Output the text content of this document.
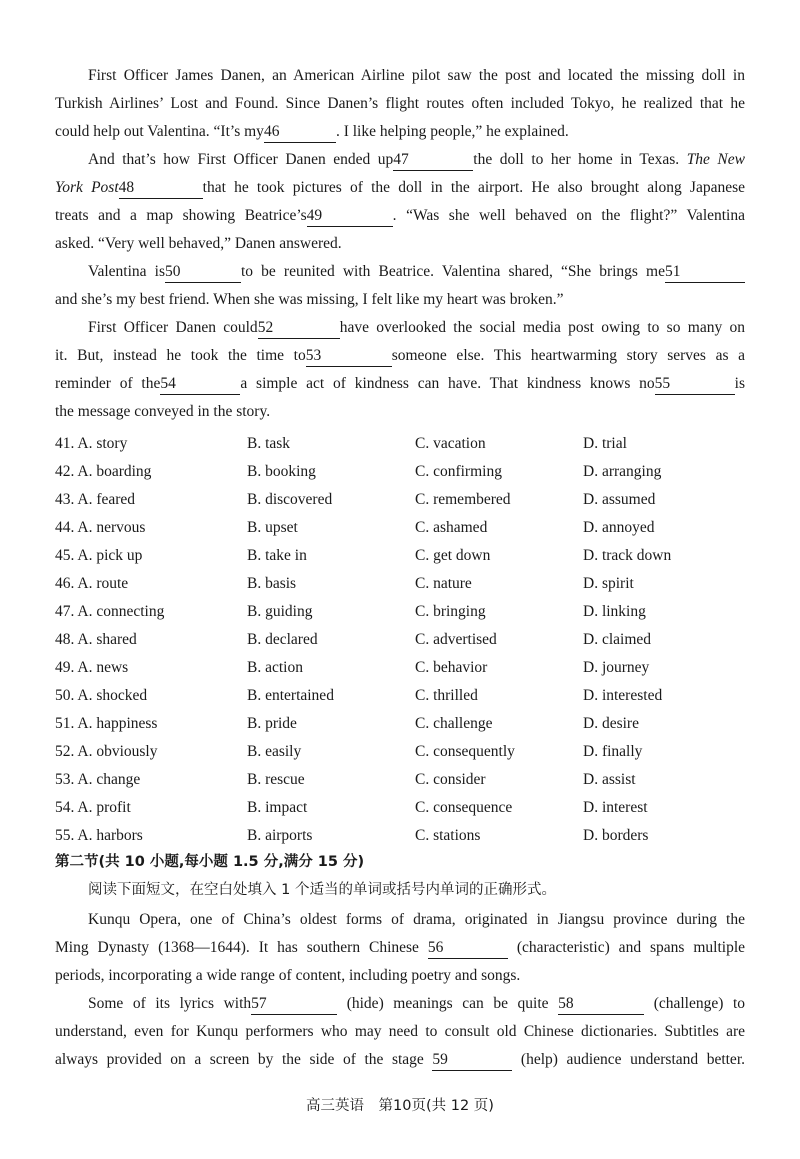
First Officer James Danen, an American Airline pilot saw the post and located the missing doll in
Turkish Airlines’ Lost and Found. Since Danen’s flight routes often included Tokyo, he realized that he
could help out Valentina. “It’s my46	. I like helping people,” he explained.
And that’s how First Officer Danen ended up47	the doll to her home in Texas. The New
York Post48	that he took pictures of the doll in the airport. He also brought along Japanese
treats and a map showing Beatrice’s49	. “Was she well behaved on the flight?” Valentina
asked. “Very well behaved,” Danen answered.
Valentina is50	to be reunited with Beatrice. Valentina shared, “She brings me51
and she’s my best friend. When she was missing, I felt like my heart was broken.”
First Officer Danen could52	have overlooked the social media post owing to so many on
it. But, instead he took the time to53	someone else. This heartwarming story serves as a
reminder of the54	a simple act of kindness can have. That kindness knows no55	is
the message conveyed in the story.
41. A. story	B. task	C. vacation	D. trial
42. A. boarding	B. booking	C. confirming	D. arranging
43. A. feared	B. discovered	C. remembered	D. assumed
44. A. nervous	B. upset	C. ashamed	D. annoyed
45. A. pick up	B. take in	C. get down	D. track down
46. A. route	B. basis	C. nature	D. spirit
47. A. connecting	B. guiding	C. bringing	D. linking
48. A. shared	B. declared	C. advertised	D. claimed
49. A. news	B. action	C. behavior	D. journey
50. A. shocked	B. entertained	C. thrilled	D. interested
51. A. happiness	B. pride	C. challenge	D. desire
52. A. obviously	B. easily	C. consequently	D. finally
53. A. change	B. rescue	C. consider	D. assist
54. A. profit	B. impact	C. consequence	D. interest
55. A. harbors	B. airports	C. stations	D. borders
第二节(共 10 小题,每小题 1.5 分,满分 15 分)
阅读下面短文，在空白处填入 1 个适当的单词或括号内单词的正确形式。
Kunqu Opera, one of China’s oldest forms of drama, originated in Jiangsu province during the
Ming Dynasty (1368—1644). It has southern Chinese 56	(characteristic) and spans multiple
periods, incorporating a wide range of content, including poetry and songs.
Some of its lyrics with57	(hide) meanings can be quite 58	(challenge) to
understand, even for Kunqu performers who may need to consult old Chinese dictionaries. Subtitles are
always provided on a screen by the side of the stage 59	(help) audience understand better.
高三英语　第10页(共 12 页)
